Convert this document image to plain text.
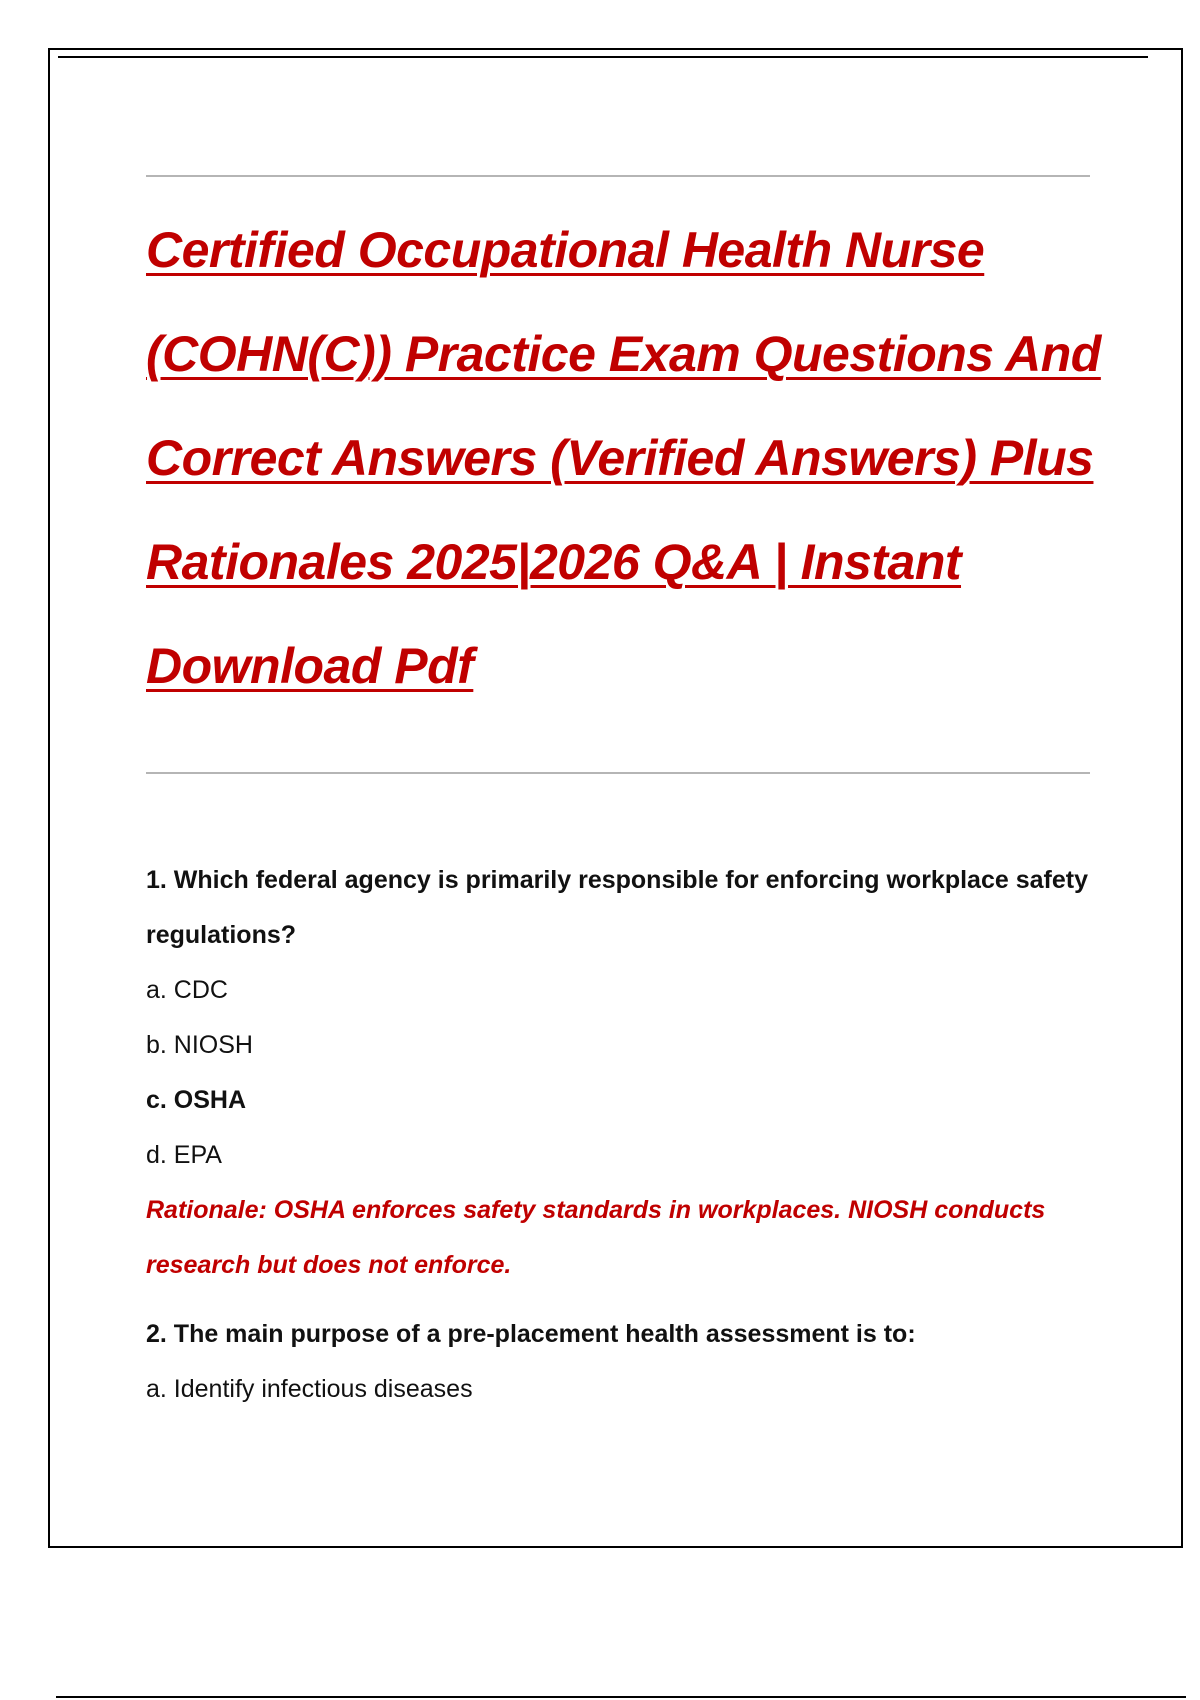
Certified Occupational Health Nurse (COHN(C)) Practice Exam Questions And Correct Answers (Verified Answers) Plus Rationales 2025|2026 Q&A | Instant Download Pdf

1. Which federal agency is primarily responsible for enforcing workplace safety regulations?

a. CDC

b. NIOSH

c. OSHA

d. EPA

Rationale: OSHA enforces safety standards in workplaces. NIOSH conducts research but does not enforce.

2. The main purpose of a pre-placement health assessment is to:

a. Identify infectious diseases
